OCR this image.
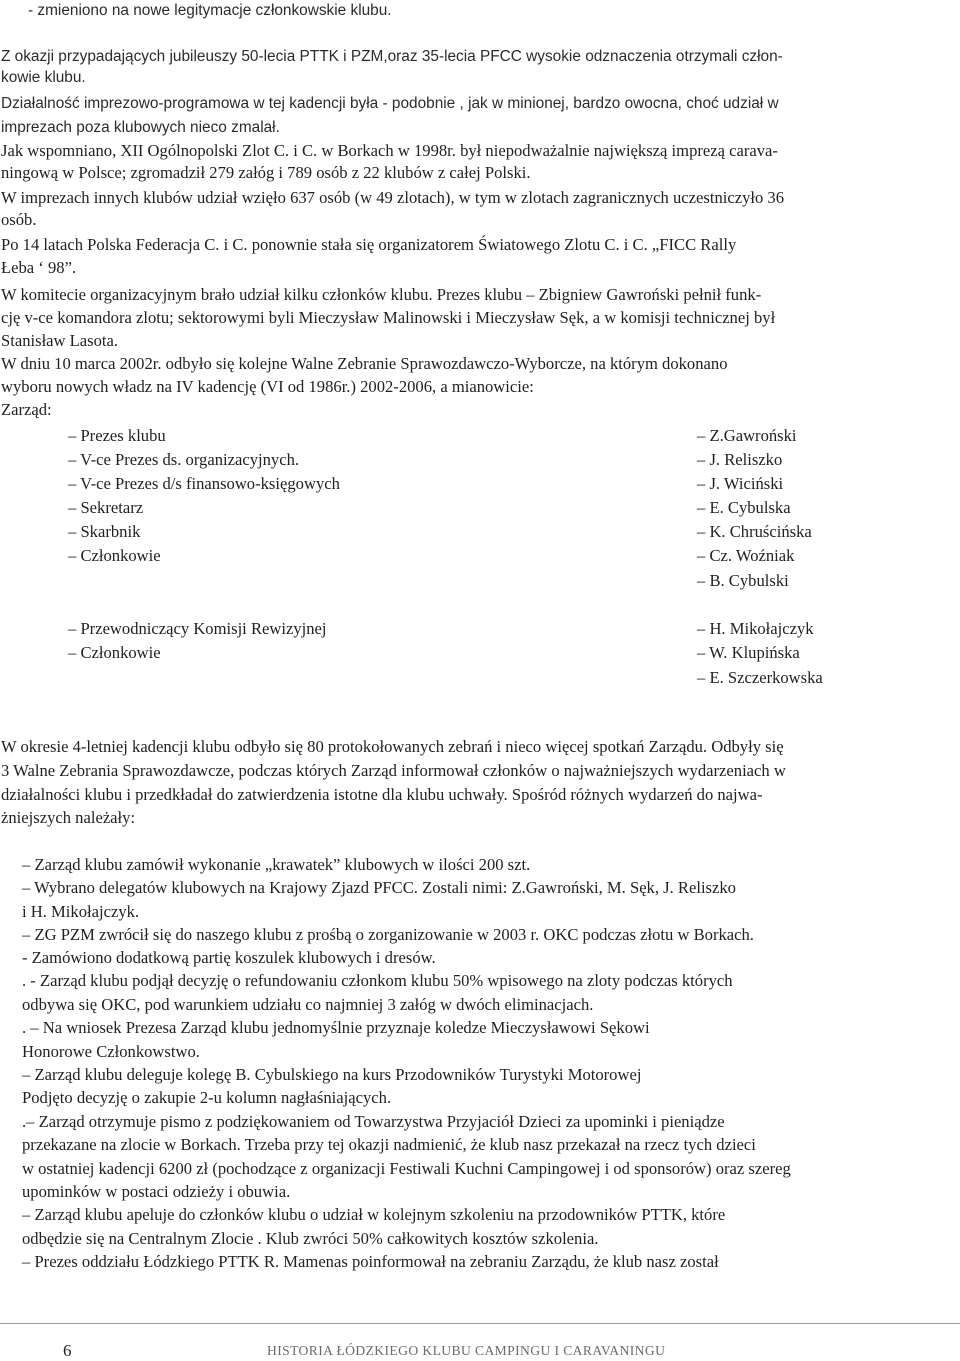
- zmieniono na nowe legitymacje członkowskie klubu.

Z okazji przypadających jubileuszy 50-lecia PTTK i PZM,oraz 35-lecia PFCC wysokie odznaczenia otrzymali człon-

kowie klubu.

Działalność imprezowo-programowa w tej kadencji była - podobnie , jak w minionej, bardzo owocna, choć udział w

imprezach poza klubowych nieco zmalał.

Jak wspomniano, XII Ogólnopolski Zlot C. i C. w Borkach w 1998r. był niepodważalnie największą imprezą carava-

ningową w Polsce; zgromadził 279 załóg i 789 osób z 22 klubów z całej Polski.

W imprezach innych klubów udział wzięło 637 osób (w 49 zlotach), w tym w zlotach zagranicznych uczestniczyło 36

osób.

Po 14 latach Polska Federacja C. i C. ponownie stała się organizatorem Światowego Zlotu C. i C. „FICC Rally

Łeba ‘ 98”.

W komitecie organizacyjnym brało udział kilku członków klubu. Prezes klubu – Zbigniew Gawroński pełnił funk-

cję v-ce komandora zlotu; sektorowymi byli Mieczysław Malinowski i Mieczysław Sęk, a w komisji technicznej był

Stanisław Lasota.

W dniu 10 marca 2002r. odbyło się kolejne Walne Zebranie Sprawozdawczo-Wyborcze, na którym dokonano

wyboru nowych władz na IV kadencję (VI od 1986r.) 2002-2006, a mianowicie:

Zarząd:

– Prezes klubu

– V-ce Prezes ds. organizacyjnych.

– V-ce Prezes d/s finansowo-księgowych

– Sekretarz

– Skarbnik

– Członkowie

– Z.Gawroński

– J. Reliszko

– J. Wiciński

– E. Cybulska

– K. Chruścińska

– Cz. Woźniak

– B. Cybulski

– Przewodniczący Komisji Rewizyjnej

– Członkowie

– H. Mikołajczyk

– W. Klupińska

– E. Szczerkowska

W okresie 4-letniej kadencji klubu odbyło się 80 protokołowanych zebrań i nieco więcej spotkań Zarządu. Odbyły się

3 Walne Zebrania Sprawozdawcze, podczas których Zarząd informował członków o najważniejszych wydarzeniach w

działalności klubu i przedkładał do zatwierdzenia istotne dla klubu uchwały. Spośród różnych wydarzeń do najwa-

żniejszych należały:

– Zarząd klubu zamówił wykonanie „krawatek” klubowych w ilości 200 szt.

– Wybrano delegatów klubowych na Krajowy Zjazd PFCC. Zostali nimi: Z.Gawroński, M. Sęk, J. Reliszko

i H. Mikołajczyk.

– ZG PZM zwrócił się do naszego klubu z prośbą o zorganizowanie w 2003 r. OKC podczas złotu w Borkach.

- Zamówiono dodatkową partię koszulek klubowych i dresów.

. - Zarząd klubu podjął decyzję o refundowaniu członkom klubu 50% wpisowego na zloty podczas których

odbywa się OKC, pod warunkiem udziału co najmniej 3 załóg w dwóch eliminacjach.

. – Na wniosek Prezesa Zarząd klubu jednomyślnie przyznaje koledze Mieczysławowi Sękowi

Honorowe Członkowstwo.

– Zarząd klubu deleguje kolegę B. Cybulskiego na kurs Przodowników Turystyki Motorowej

Podjęto decyzję o zakupie 2-u kolumn nagłaśniających.

.– Zarząd otrzymuje pismo z podziękowaniem od Towarzystwa Przyjaciół Dzieci za upominki i pieniądze

przekazane na zlocie w Borkach. Trzeba przy tej okazji nadmienić, że klub nasz przekazał na rzecz tych dzieci

w ostatniej kadencji 6200 zł (pochodzące z organizacji Festiwali Kuchni Campingowej i od sponsorów) oraz szereg

upominków w postaci odzieży i obuwia.

– Zarząd klubu apeluje do członków klubu o udział w kolejnym szkoleniu na przodowników PTTK, które

odbędzie się na Centralnym Zlocie . Klub zwróci 50% całkowitych kosztów szkolenia.

– Prezes oddziału Łódzkiego PTTK R. Mamenas poinformował na zebraniu Zarządu, że klub nasz został

6	HISTORIA ŁÓDZKIEGO KLUBU CAMPINGU I CARAVANINGU
